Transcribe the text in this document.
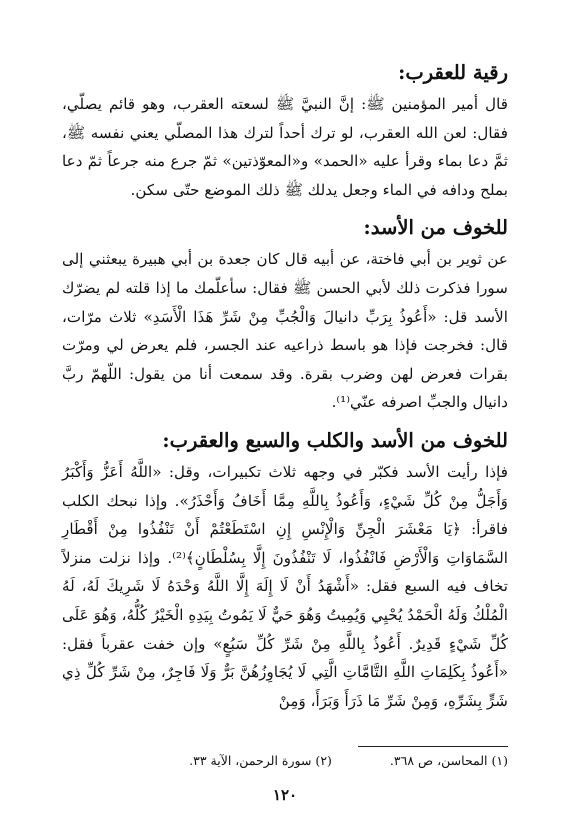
رقية للعقرب:

قال أمير المؤمنين ﷺ: إنَّ النبيَّ ﷺ لسعته العقرب، وهو قائم يصلّي، فقال: لعن الله العقرب، لو ترك أحداً لترك هذا المصلّي يعني نفسه ﷺ، ثمَّ دعا بماء وقرأ عليه «الحمد» و«المعوّذتين» ثمّ جرع منه جرعاً ثمّ دعا بملح ودافه في الماء وجعل يدلك ﷺ ذلك الموضع حتّى سكن.

للخوف من الأسد:

عن ثوير بن أبي فاختة، عن أبيه قال كان جعدة بن أبي هبيرة يبعثني إلى سورا فذكرت ذلك لأبي الحسن ﷺ فقال: سأعلّمك ما إذا قلته لم يضرّك الأسد قل: «أَعُوذُ بِرَبِّ دانيالَ وَالْجُبِّ مِنْ شَرِّ هَذَا الْأَسَدِ» ثلاث مرّات، قال: فخرجت فإذا هو باسط ذراعيه عند الجسر، فلم يعرض لي ومرّت بقرات فعرض لهن وضرب بقرة. وقد سمعت أنا من يقول: اللّهمّ ربَّ دانيال والجبِّ اصرفه عنّي⁽¹⁾.

للخوف من الأسد والكلب والسبع والعقرب:

فإذا رأيت الأسد فكبّر في وجهه ثلاث تكبيرات، وقل: «اللَّهُ أَعَزُّ وَأَكْبَرُ وَأَجَلُّ مِنْ كُلِّ شَيْءٍ، وَأَعُوذُ بِاللَّهِ مِمَّا أَخَافُ وَأَحْذَرُ». وإذا نبحك الكلب فاقرأ: ﴿يَا مَعْشَرَ الْجِنِّ وَالْإِنْسِ إِنِ اسْتَطَعْتُمْ أَنْ تَنْفُذُوا مِنْ أَقْطَارِ السَّمَاوَاتِ وَالْأَرْضِ فَانْفُذُوا، لَا تَنْفُذُونَ إِلَّا بِسُلْطَانٍ﴾⁽²⁾. وإذا نزلت منزلاً تخاف فيه السبع فقل: «أَشْهَدُ أَنْ لَا إِلَهَ إِلَّا اللَّهُ وَحْدَهُ لَا شَرِيكَ لَهُ، لَهُ الْمُلْكُ وَلَهُ الْحَمْدُ يُحْيِي وَيُمِيتُ وَهُوَ حَيٌّ لَا يَمُوتُ بِيَدِهِ الْخَيْرُ كُلُّهُ، وَهُوَ عَلَى كُلِّ شَيْءٍ قَدِيرٌ. أَعُوذُ بِاللَّهِ مِنْ شَرِّ كُلِّ سَبُعٍ» وإن خفت عقرباً فقل: «أَعُوذُ بِكَلِمَاتِ اللَّهِ التَّامَّاتِ الَّتِي لَا يُجَاوِزُهُنَّ بَرٌّ وَلَا فَاجِرٌ، مِنْ شَرِّ كُلِّ ذِي شَرٍّ بِشَرِّهِ، وَمِنْ شَرِّ مَا ذَرَأَ وَبَرَأَ، وَمِنْ

(١) المحاسن، ص ٣٦٨.
(٢) سورة الرحمن، الآية ٣٣.
١٢٠
